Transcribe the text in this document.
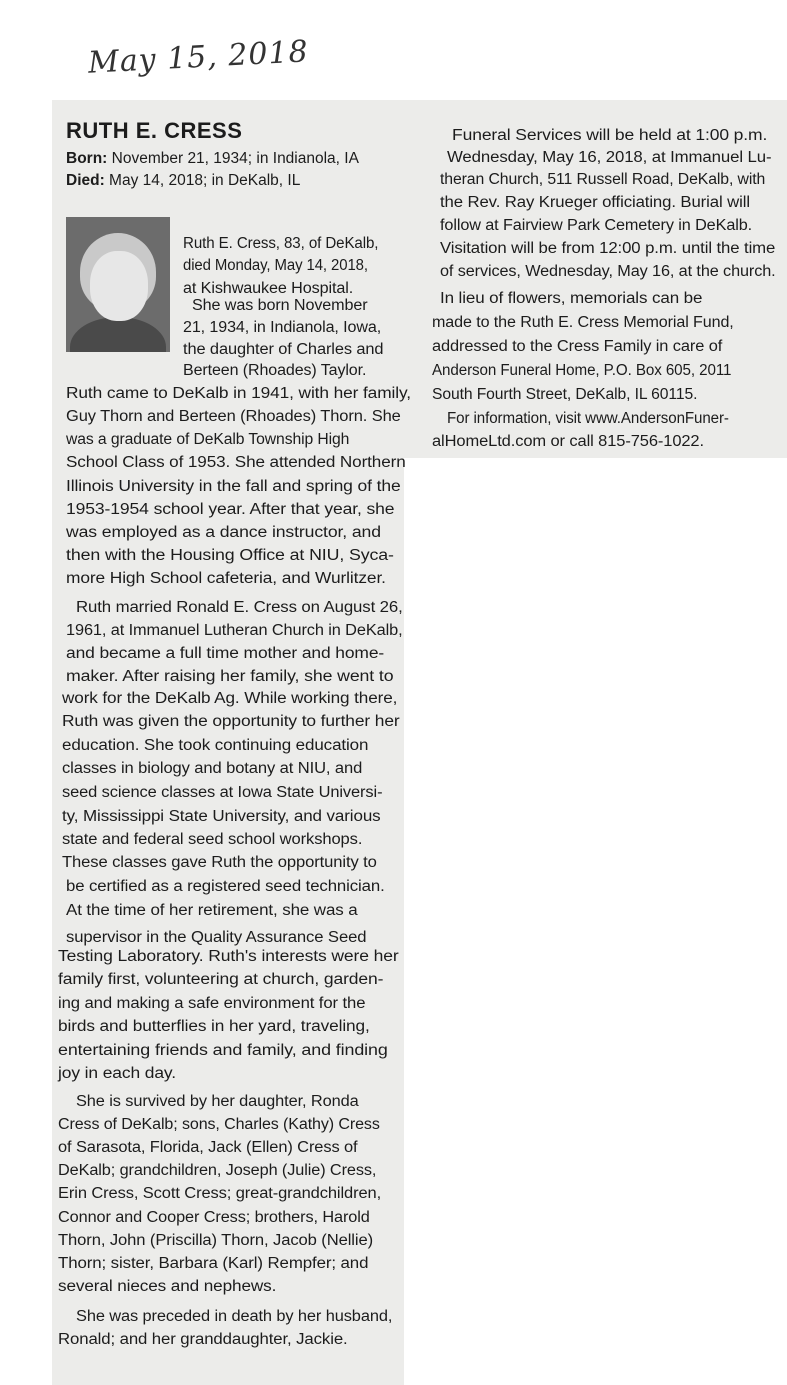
May 15, 2018
RUTH E. CRESS
Born: November 21, 1934; in Indianola, IA
Died: May 14, 2018; in DeKalb, IL
Ruth E. Cress, 83, of DeKalb,
died Monday, May 14, 2018,
at Kishwaukee Hospital.
She was born November
21, 1934, in Indianola, Iowa,
the daughter of Charles and
Berteen (Rhoades) Taylor.
Ruth came to DeKalb in 1941, with her family,
Guy Thorn and Berteen (Rhoades) Thorn. She
was a graduate of DeKalb Township High
School Class of 1953. She attended Northern
Illinois University in the fall and spring of the
1953-1954 school year. After that year, she
was employed as a dance instructor, and
then with the Housing Office at NIU, Syca-
more High School cafeteria, and Wurlitzer.
Ruth married Ronald E. Cress on August 26,
1961, at Immanuel Lutheran Church in DeKalb,
and became a full time mother and home-
maker. After raising her family, she went to
work for the DeKalb Ag. While working there,
Ruth was given the opportunity to further her
education. She took continuing education
classes in biology and botany at NIU, and
seed science classes at Iowa State Universi-
ty, Mississippi State University, and various
state and federal seed school workshops.
These classes gave Ruth the opportunity to
be certified as a registered seed technician.
At the time of her retirement, she was a
supervisor in the Quality Assurance Seed
Testing Laboratory. Ruth's interests were her
family first, volunteering at church, garden-
ing and making a safe environment for the
birds and butterflies in her yard, traveling,
entertaining friends and family, and finding
joy in each day.
She is survived by her daughter, Ronda
Cress of DeKalb; sons, Charles (Kathy) Cress
of Sarasota, Florida, Jack (Ellen) Cress of
DeKalb; grandchildren, Joseph (Julie) Cress,
Erin Cress, Scott Cress; great-grandchildren,
Connor and Cooper Cress; brothers, Harold
Thorn, John (Priscilla) Thorn, Jacob (Nellie)
Thorn; sister, Barbara (Karl) Rempfer; and
several nieces and nephews.
She was preceded in death by her husband,
Ronald; and her granddaughter, Jackie.
Funeral Services will be held at 1:00 p.m.
Wednesday, May 16, 2018, at Immanuel Lu-
theran Church, 511 Russell Road, DeKalb, with
the Rev. Ray Krueger officiating. Burial will
follow at Fairview Park Cemetery in DeKalb.
Visitation will be from 12:00 p.m. until the time
of services, Wednesday, May 16, at the church.
In lieu of flowers, memorials can be
made to the Ruth E. Cress Memorial Fund,
addressed to the Cress Family in care of
Anderson Funeral Home, P.O. Box 605, 2011
South Fourth Street, DeKalb, IL 60115.
For information, visit www.AndersonFuner-
alHomeLtd.com or call 815-756-1022.
